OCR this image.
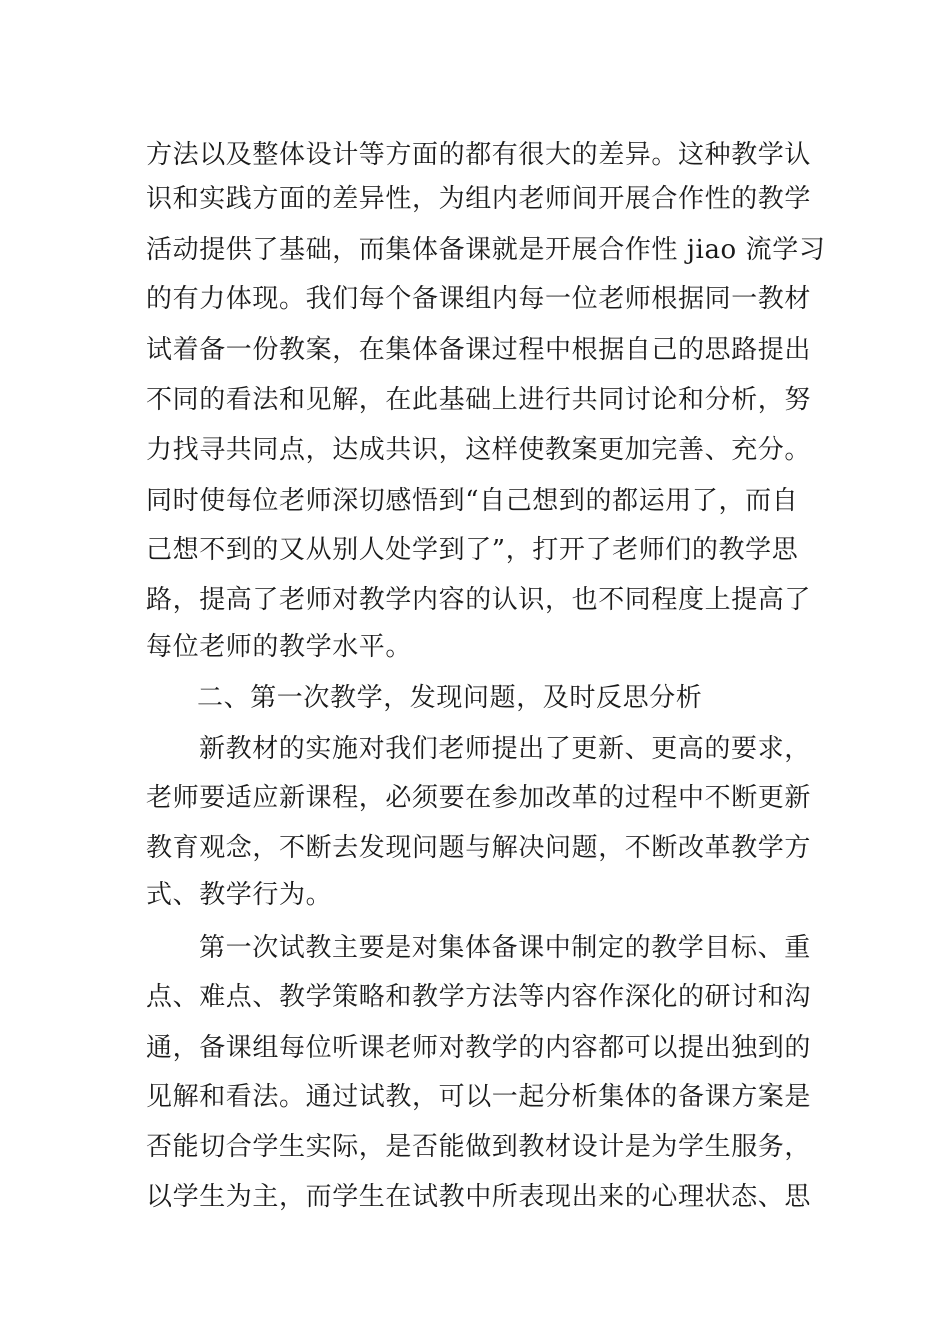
方法以及整体设计等方面的都有很大的差异。这种教学认
识和实践方面的差异性，为组内老师间开展合作性的教学
活动提供了基础，而集体备课就是开展合作性 jiao 流学习
的有力体现。我们每个备课组内每一位老师根据同一教材
试着备一份教案，在集体备课过程中根据自己的思路提出
不同的看法和见解，在此基础上进行共同讨论和分析，努
力找寻共同点，达成共识，这样使教案更加完善、充分。
同时使每位老师深切感悟到“自己想到的都运用了，而自
己想不到的又从别人处学到了”，打开了老师们的教学思
路，提高了老师对教学内容的认识，也不同程度上提高了
每位老师的教学水平。
二、第一次教学，发现问题，及时反思分析
新教材的实施对我们老师提出了更新、更高的要求，
老师要适应新课程，必须要在参加改革的过程中不断更新
教育观念，不断去发现问题与解决问题，不断改革教学方
式、教学行为。
第一次试教主要是对集体备课中制定的教学目标、重
点、难点、教学策略和教学方法等内容作深化的研讨和沟
通，备课组每位听课老师对教学的内容都可以提出独到的
见解和看法。通过试教，可以一起分析集体的备课方案是
否能切合学生实际，是否能做到教材设计是为学生服务，
以学生为主，而学生在试教中所表现出来的心理状态、思
